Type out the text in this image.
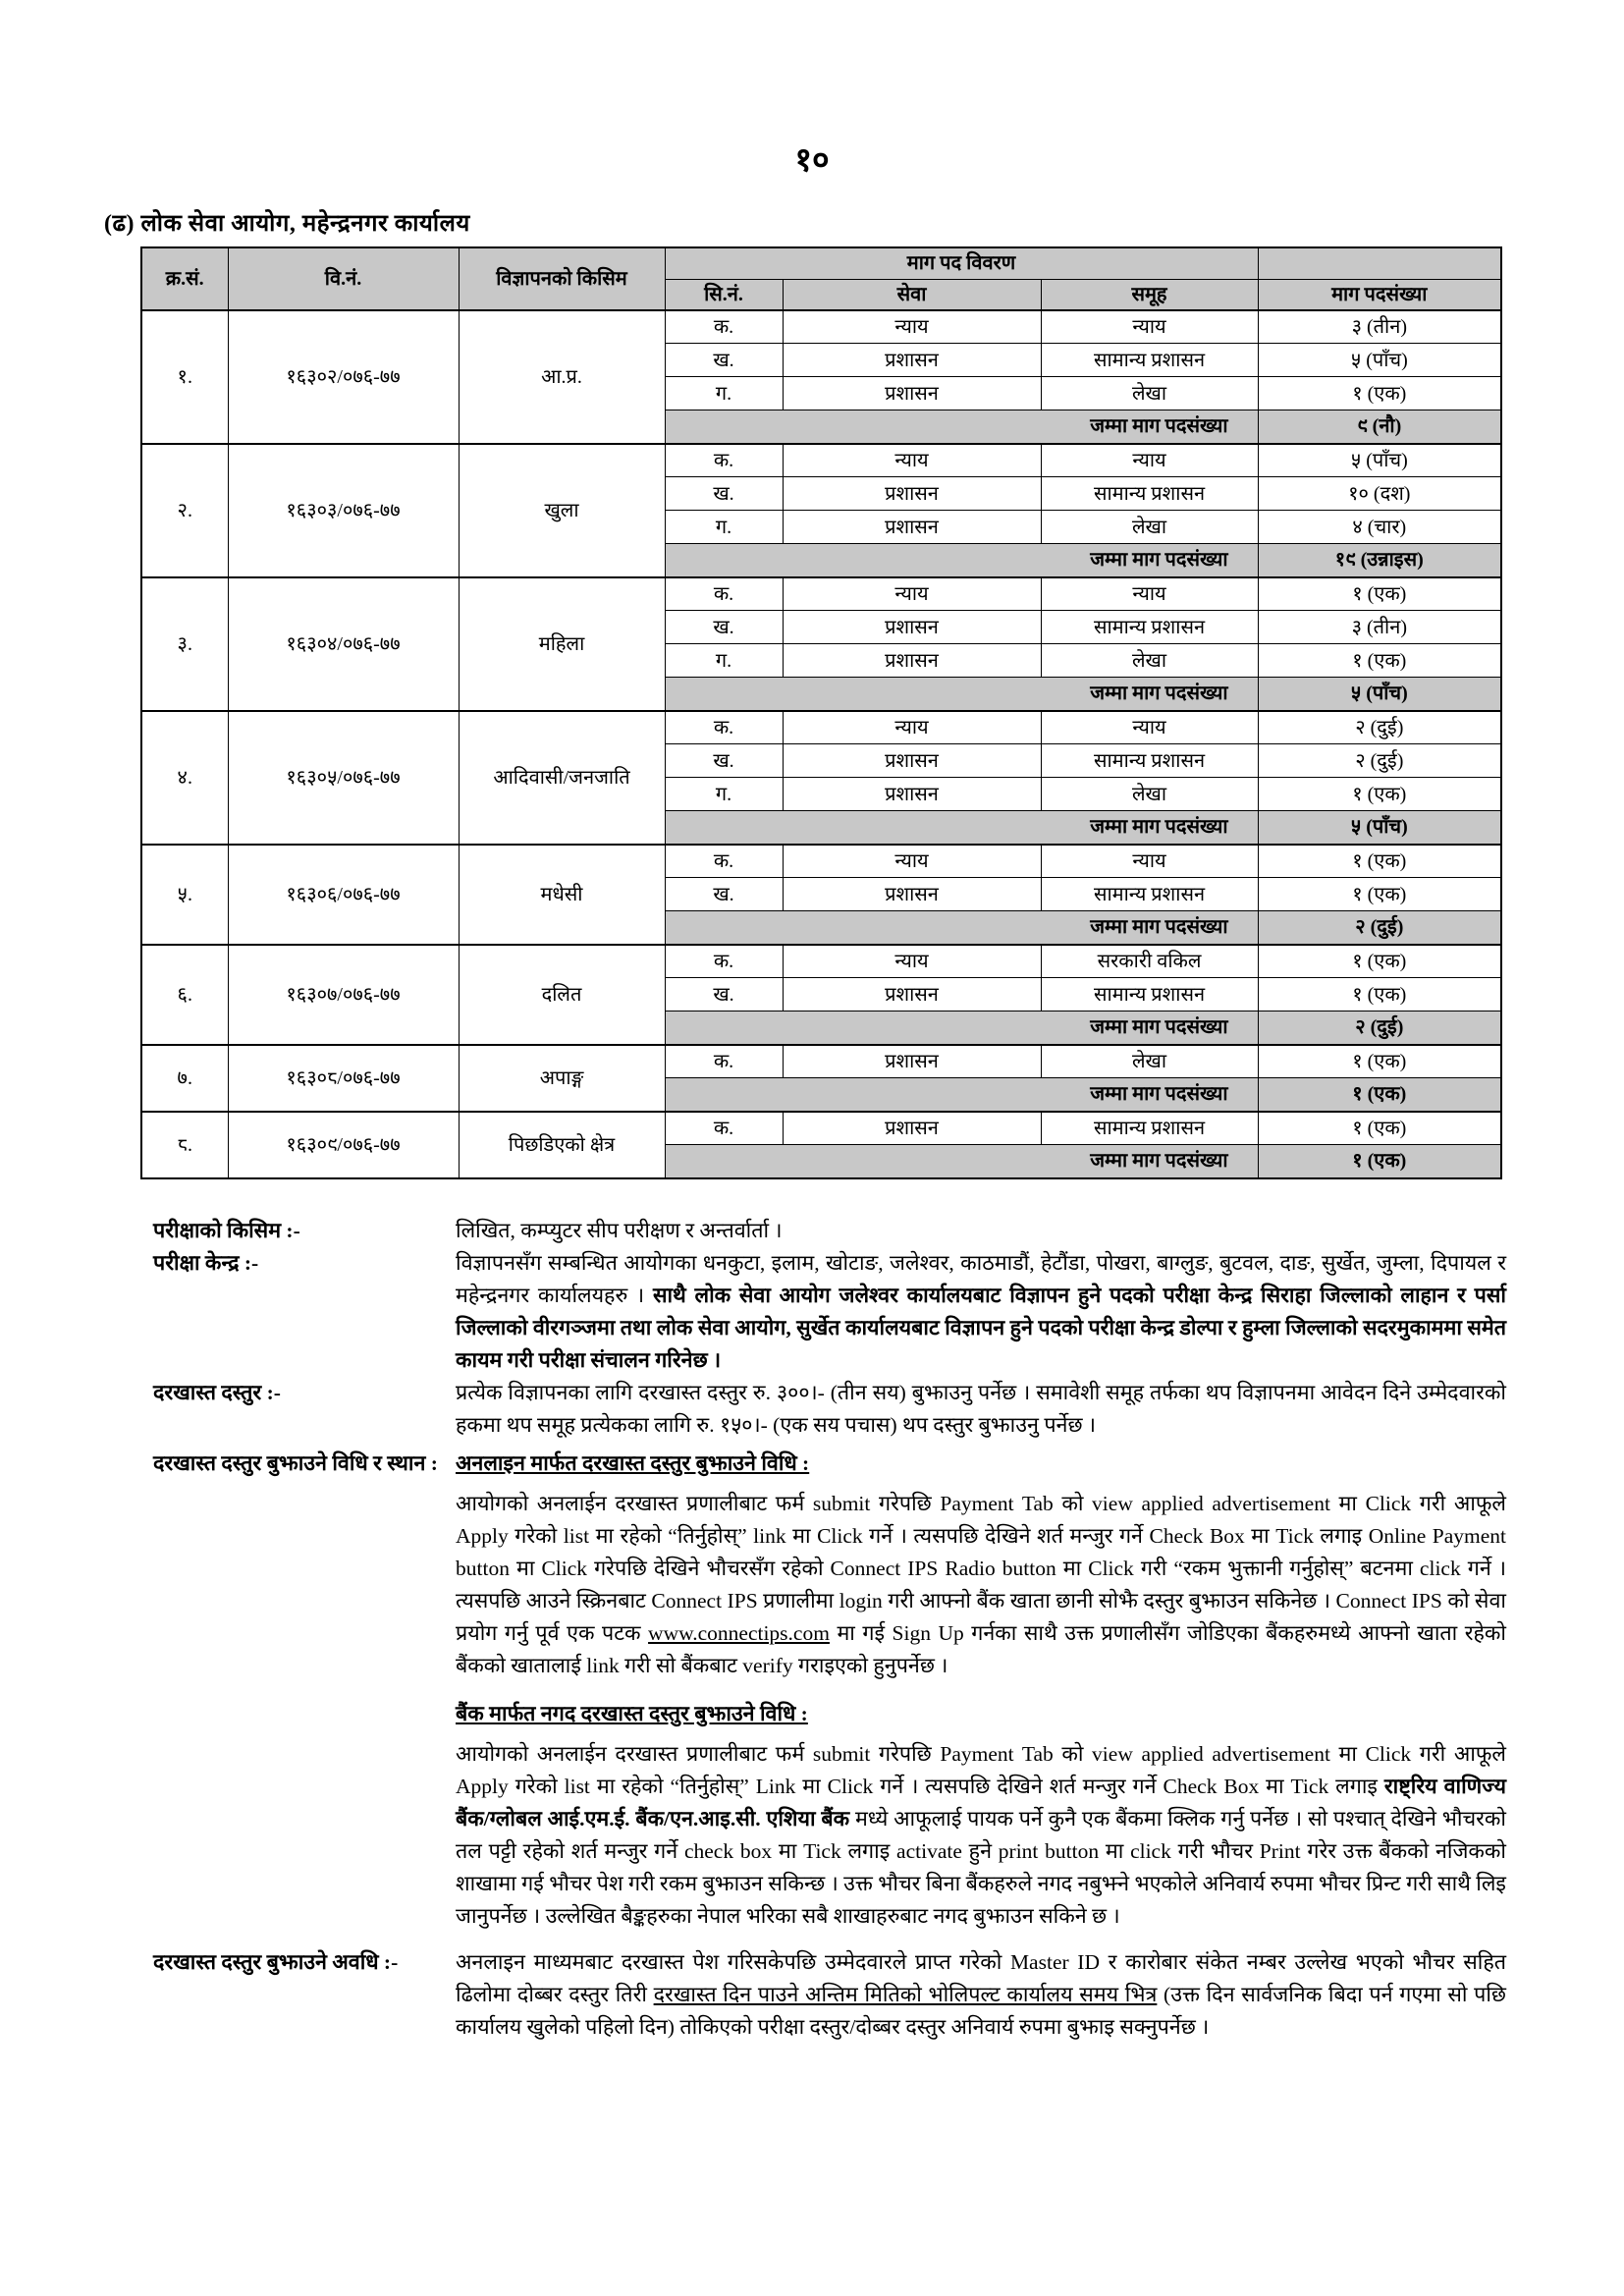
१०
(ढ) लोक सेवा आयोग, महेन्द्रनगर कार्यालय
क्र.सं.	वि.नं.	विज्ञापनको किसिम	माग पद विवरण			
			सि.नं.	सेवा	समूह	माग पदसंख्या
१.	१६३०२/०७६-७७	आ.प्र.	क.	न्याय	न्याय	३ (तीन)
			ख.	प्रशासन	सामान्य प्रशासन	५ (पाँच)
			ग.	प्रशासन	लेखा	१ (एक)
			जम्मा माग पदसंख्या			९ (नौ)
२.	१६३०३/०७६-७७	खुला	क.	न्याय	न्याय	५ (पाँच)
			ख.	प्रशासन	सामान्य प्रशासन	१० (दश)
			ग.	प्रशासन	लेखा	४ (चार)
			जम्मा माग पदसंख्या			१९ (उन्नाइस)
३.	१६३०४/०७६-७७	महिला	क.	न्याय	न्याय	१ (एक)
			ख.	प्रशासन	सामान्य प्रशासन	३ (तीन)
			ग.	प्रशासन	लेखा	१ (एक)
			जम्मा माग पदसंख्या			५ (पाँच)
४.	१६३०५/०७६-७७	आदिवासी/जनजाति	क.	न्याय	न्याय	२ (दुई)
			ख.	प्रशासन	सामान्य प्रशासन	२ (दुई)
			ग.	प्रशासन	लेखा	१ (एक)
			जम्मा माग पदसंख्या			५ (पाँच)
५.	१६३०६/०७६-७७	मधेसी	क.	न्याय	न्याय	१ (एक)
			ख.	प्रशासन	सामान्य प्रशासन	१ (एक)
			जम्मा माग पदसंख्या			२ (दुई)
६.	१६३०७/०७६-७७	दलित	क.	न्याय	सरकारी वकिल	१ (एक)
			ख.	प्रशासन	सामान्य प्रशासन	१ (एक)
			जम्मा माग पदसंख्या			२ (दुई)
७.	१६३०८/०७६-७७	अपाङ्ग	क.	प्रशासन	लेखा	१ (एक)
			जम्मा माग पदसंख्या			१ (एक)
८.	१६३०९/०७६-७७	पिछडिएको क्षेत्र	क.	प्रशासन	सामान्य प्रशासन	१ (एक)
			जम्मा माग पदसंख्या			१ (एक)
परीक्षाको किसिम :-	लिखित, कम्प्युटर सीप परीक्षण र अन्तर्वार्ता ।

परीक्षा केन्द्र :-	विज्ञापनसँग सम्बन्धित आयोगका धनकुटा, इलाम, खोटाङ, जलेश्वर, काठमाडौं, हेटौंडा, पोखरा, बाग्लुङ, बुटवल, दाङ, सुर्खेत, जुम्ला, दिपायल र महेन्द्रनगर कार्यालयहरु । साथै लोक सेवा आयोग जलेश्वर कार्यालयबाट विज्ञापन हुने पदको परीक्षा केन्द्र सिराहा जिल्लाको लाहान र पर्सा जिल्लाको वीरगञ्जमा तथा लोक सेवा आयोग, सुर्खेत कार्यालयबाट विज्ञापन हुने पदको परीक्षा केन्द्र डोल्पा र हुम्ला जिल्लाको सदरमुकाममा समेत कायम गरी परीक्षा संचालन गरिनेछ ।

दरखास्त दस्तुर :-	प्रत्येक विज्ञापनका लागि दरखास्त दस्तुर रु. ३००।- (तीन सय) बुझाउनु पर्नेछ । समावेशी समूह तर्फका थप विज्ञापनमा आवेदन दिने उम्मेदवारको हकमा थप समूह प्रत्येकका लागि रु. १५०।- (एक सय पचास) थप दस्तुर बुझाउनु पर्नेछ ।

दरखास्त दस्तुर बुझाउने विधि र स्थान : अनलाइन मार्फत दरखास्त दस्तुर बुझाउने विधि :

आयोगको अनलाईन दरखास्त प्रणालीबाट फर्म submit गरेपछि Payment Tab को view applied advertisement मा Click गरी आफूले Apply गरेको list मा रहेको “तिर्नुहोस्” link मा Click गर्ने । त्यसपछि देखिने शर्त मन्जुर गर्ने Check Box मा Tick लगाइ Online Payment button मा Click गरेपछि देखिने भौचरसँग रहेको Connect IPS Radio button मा Click गरी “रकम भुक्तानी गर्नुहोस्” बटनमा click गर्ने । त्यसपछि आउने स्क्रिनबाट Connect IPS प्रणालीमा login गरी आफ्नो बैंक खाता छानी सोझै दस्तुर बुझाउन सकिनेछ । Connect IPS को सेवा प्रयोग गर्नु पूर्व एक पटक www.connectips.com मा गई Sign Up गर्नका साथै उक्त प्रणालीसँग जोडिएका बैंकहरुमध्ये आफ्नो खाता रहेको बैंकको खातालाई link गरी सो बैंकबाट verify गराइएको हुनुपर्नेछ ।

बैंक मार्फत नगद दरखास्त दस्तुर बुझाउने विधि :

आयोगको अनलाईन दरखास्त प्रणालीबाट फर्म submit गरेपछि Payment Tab को view applied advertisement मा Click गरी आफूले Apply गरेको list मा रहेको “तिर्नुहोस्” Link मा Click गर्ने । त्यसपछि देखिने शर्त मन्जुर गर्ने Check Box मा Tick लगाइ राष्ट्रिय वाणिज्य बैंक/ग्लोबल आई.एम.ई. बैंक/एन.आइ.सी. एशिया बैंक मध्ये आफूलाई पायक पर्ने कुनै एक बैंकमा क्लिक गर्नु पर्नेछ । सो पश्चात् देखिने भौचरको तल पट्टी रहेको शर्त मन्जुर गर्ने check box मा Tick लगाइ activate हुने print button मा click गरी भौचर Print गरेर उक्त बैंकको नजिकको शाखामा गई भौचर पेश गरी रकम बुझाउन सकिन्छ । उक्त भौचर बिना बैंकहरुले नगद नबुझ्ने भएकोले अनिवार्य रुपमा भौचर प्रिन्ट गरी साथै लिइ जानुपर्नेछ । उल्लेखित बैङ्कहरुका नेपाल भरिका सबै शाखाहरुबाट नगद बुझाउन सकिने छ ।

दरखास्त दस्तुर बुझाउने अवधि :-	अनलाइन माध्यमबाट दरखास्त पेश गरिसकेपछि उम्मेदवारले प्राप्त गरेको Master ID र कारोबार संकेत नम्बर उल्लेख भएको भौचर सहित ढिलोमा दोब्बर दस्तुर तिरी दरखास्त दिन पाउने अन्तिम मितिको भोलिपल्ट कार्यालय समय भित्र (उक्त दिन सार्वजनिक बिदा पर्न गएमा सो पछि कार्यालय खुलेको पहिलो दिन) तोकिएको परीक्षा दस्तुर/दोब्बर दस्तुर अनिवार्य रुपमा बुझाइ सक्नुपर्नेछ ।
